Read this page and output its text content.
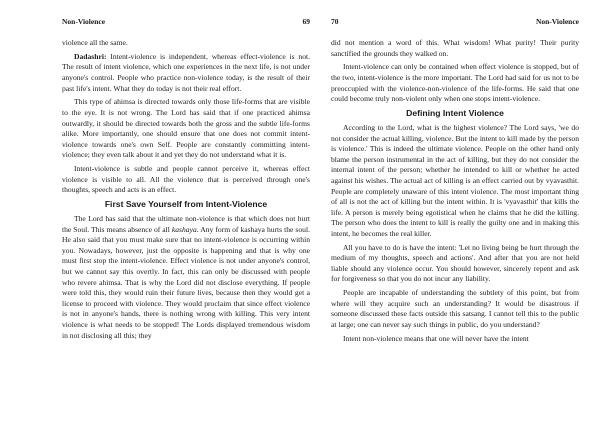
Non-Violence	69

violence all the same.

Dadashri: Intent-violence is independent, whereas effect-violence is not. The result of intent violence, which one experiences in the next life, is not under anyone's control. People who practice non-violence today, is the result of their past life's intent. What they do today is not their real effort.

This type of ahimsa is directed towards only those life-forms that are visible to the eye. It is not wrong. The Lord has said that if one practiced ahimsa outwardly, it should be directed towards both the gross and the subtle life-forms alike. More importantly, one should ensure that one does not commit intent-violence towards one's own Self. People are constantly committing intent-violence; they even talk about it and yet they do not understand what it is.

Intent-violence is subtle and people cannot perceive it, whereas effect violence is visible to all. All the violence that is perceived through one's thoughts, speech and acts is an effect.

First Save Yourself from Intent-Violence

The Lord has said that the ultimate non-violence is that which does not hurt the Soul. This means absence of all kashaya. Any form of kashaya hurts the soul. He also said that you must make sure that no intent-violence is occurring within you. Nowadays, however, just the opposite is happening and that is why one must first stop the intent-violence. Effect violence is not under anyone's control, but we cannot say this overtly. In fact, this can only be discussed with people who revere ahimsa. That is why the Lord did not disclose everything. If people were told this, they would ruin their future lives, because then they would get a license to proceed with violence. They would proclaim that since effect violence is not in anyone's hands, there is nothing wrong with killing. This very intent violence is what needs to be stopped! The Lords displayed tremendous wisdom in not disclosing all this; they

70	Non-Violence

did not mention a word of this. What wisdom! What purity! Their purity sanctified the grounds they walked on.

Intent-violence can only be contained when effect violence is stopped, but of the two, intent-violence is the more important. The Lord had said for us not to be preoccupied with the violence-non-violence of the life-forms. He said that one could become truly non-violent only when one stops intent-violence.

Defining Intent Violence

According to the Lord, what is the highest violence? The Lord says, 'we do not consider the actual killing, violence. But the intent to kill made by the person is violence.' This is indeed the ultimate violence. People on the other hand only blame the person instrumental in the act of killing, but they do not consider the internal intent of the person; whether he intended to kill or whether he acted against his wishes. The actual act of killing is an effect carried out by vyavasthit. People are completely unaware of this intent violence. The most important thing of all is not the act of killing but the intent within. It is 'vyavasthit' that kills the life. A person is merely being egotistical when he claims that he did the killing. The person who does the intent to kill is really the guilty one and in making this intent, he becomes the real killer.

All you have to do is have the intent: 'Let no living being be hurt through the medium of my thoughts, speech and actions'. And after that you are not held liable should any violence occur. You should however, sincerely repent and ask for forgiveness so that you do not incur any liability.

People are incapable of understanding the subtlety of this point, but from where will they acquire such an understanding? It would be disastrous if someone discussed these facts outside this satsang. I cannot tell this to the public at large; one can never say such things in public, do you understand?

Intent non-violence means that one will never have the intent
